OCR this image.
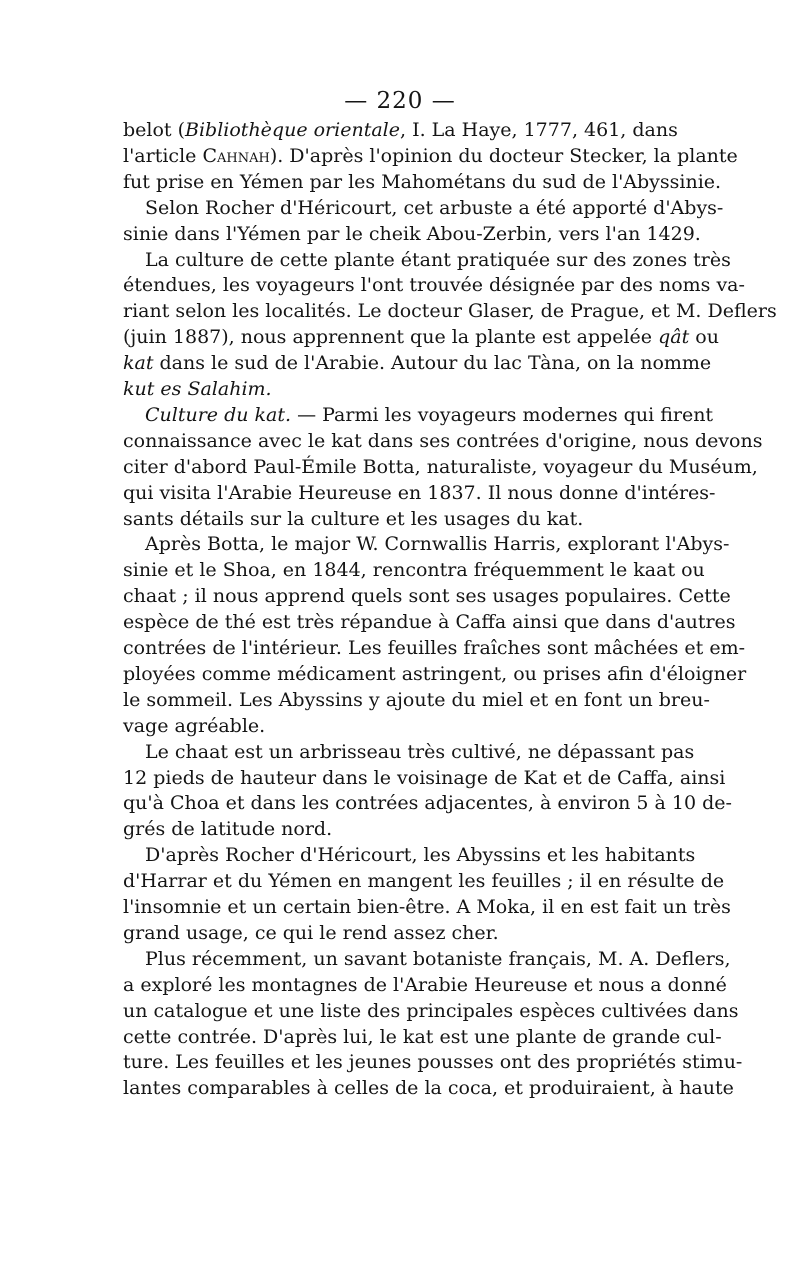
— 220 —
belot (Bibliothèque orientale, I. La Haye, 1777, 461, dans
l'article Cahnah). D'après l'opinion du docteur Stecker, la plante
fut prise en Yémen par les Mahométans du sud de l'Abyssinie.
Selon Rocher d'Héricourt, cet arbuste a été apporté d'Abys-
sinie dans l'Yémen par le cheik Abou-Zerbin, vers l'an 1429.
La culture de cette plante étant pratiquée sur des zones très
étendues, les voyageurs l'ont trouvée désignée par des noms va-
riant selon les localités. Le docteur Glaser, de Prague, et M. Deflers
(juin 1887), nous apprennent que la plante est appelée qât ou
kat dans le sud de l'Arabie. Autour du lac Tàna, on la nomme
kut es Salahim.
Culture du kat. — Parmi les voyageurs modernes qui firent
connaissance avec le kat dans ses contrées d'origine, nous devons
citer d'abord Paul-Émile Botta, naturaliste, voyageur du Muséum,
qui visita l'Arabie Heureuse en 1837. Il nous donne d'intéres-
sants détails sur la culture et les usages du kat.
Après Botta, le major W. Cornwallis Harris, explorant l'Abys-
sinie et le Shoa, en 1844, rencontra fréquemment le kaat ou
chaat ; il nous apprend quels sont ses usages populaires. Cette
espèce de thé est très répandue à Caffa ainsi que dans d'autres
contrées de l'intérieur. Les feuilles fraîches sont mâchées et em-
ployées comme médicament astringent, ou prises afin d'éloigner
le sommeil. Les Abyssins y ajoute du miel et en font un breu-
vage agréable.
Le chaat est un arbrisseau très cultivé, ne dépassant pas
12 pieds de hauteur dans le voisinage de Kat et de Caffa, ainsi
qu'à Choa et dans les contrées adjacentes, à environ 5 à 10 de-
grés de latitude nord.
D'après Rocher d'Héricourt, les Abyssins et les habitants
d'Harrar et du Yémen en mangent les feuilles ; il en résulte de
l'insomnie et un certain bien-être. A Moka, il en est fait un très
grand usage, ce qui le rend assez cher.
Plus récemment, un savant botaniste français, M. A. Deflers,
a exploré les montagnes de l'Arabie Heureuse et nous a donné
un catalogue et une liste des principales espèces cultivées dans
cette contrée. D'après lui, le kat est une plante de grande cul-
ture. Les feuilles et les jeunes pousses ont des propriétés stimu-
lantes comparables à celles de la coca, et produiraient, à haute
